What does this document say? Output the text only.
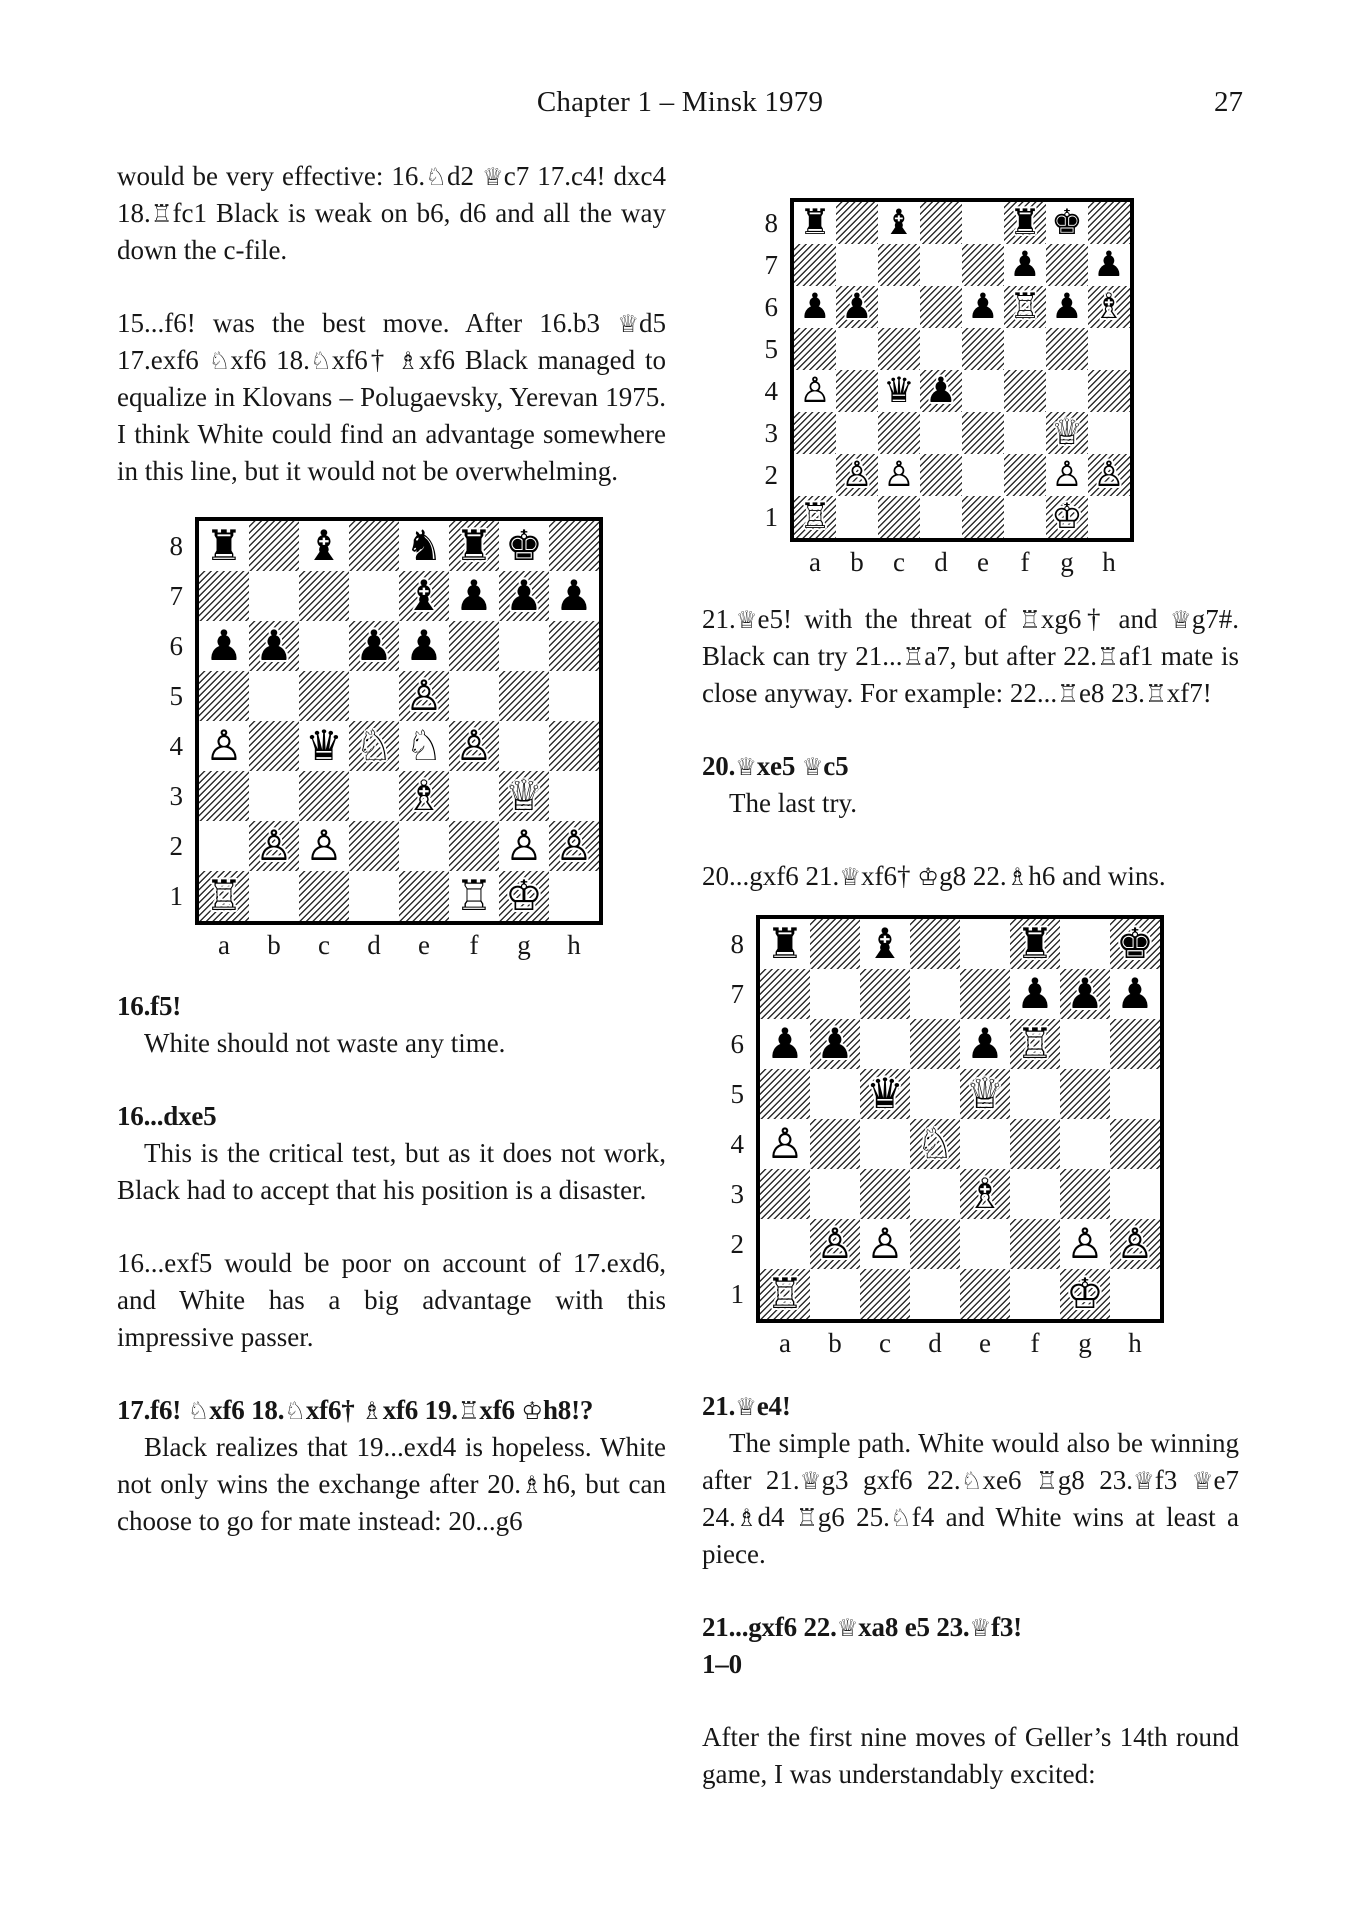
Chapter 1 – Minsk 1979	27

would be very effective: 16.♘d2 ♕c7 17.c4! dxc4 18.♖fc1 Black is weak on b6, d6 and all the way down the c-file.

15...f6! was the best move. After 16.b3 ♕d5 17.exf6 ♘xf6 18.♘xf6† ♗xf6 Black managed to equalize in Klovans – Polugaevsky, Yerevan 1975. I think White could find an advantage somewhere in this line, but it would not be overwhelming.

8
7
6
5
4
3
2
1
♜ ♝ ♞ ♜ ♚
♝ ♟ ♟ ♟
♟ ♟ ♟ ♟
♙
♙ ♛ ♘ ♘ ♙
♗ ♕
♙ ♙	♙ ♙
♖	♖ ♔
a	b	c	d	e	f	g	h

16.f5!

White should not waste any time.

16...dxe5

This is the critical test, but as it does not work, Black had to accept that his position is a disaster.

16...exf5 would be poor on account of 17.exd6, and White has a big advantage with this impressive passer.

17.f6! ♘xf6 18.♘xf6† ♗xf6 19.♖xf6 ♔h8!?

Black realizes that 19...exd4 is hopeless. White not only wins the exchange after 20.♗h6, but can choose to go for mate instead: 20...g6

8
7
6
5
4
3
2
1
♜ ♝	♜ ♚
♟ ♟
♟ ♟	♟ ♖ ♟ ♗
♙ ♛ ♟
♕
♙ ♙	♙ ♙
♖	♔
a	b	c	d	e	f	g	h

21.♕e5! with the threat of ♖xg6† and ♕g7#. Black can try 21...♖a7, but after 22.♖af1 mate is close anyway. For example: 22...♖e8 23.♖xf7!

20.♕xe5 ♕c5

The last try.

20...gxf6 21.♕xf6† ♔g8 22.♗h6 and wins.

8
7
6
5
4
3
2
1
♜ ♝	♜ ♚
♟ ♟ ♟
♟ ♟	♟ ♖
♛ ♕
♙	♘
♗
♙ ♙	♙ ♙
♖	♔
a	b	c	d	e	f	g	h

21.♕e4!

The simple path. White would also be winning after 21.♕g3 gxf6 22.♘xe6 ♖g8 23.♕f3 ♕e7 24.♗d4 ♖g6 25.♘f4 and White wins at least a piece.

21...gxf6 22.♕xa8 e5 23.♕f3!

1–0

After the first nine moves of Geller’s 14th round game, I was understandably excited:
